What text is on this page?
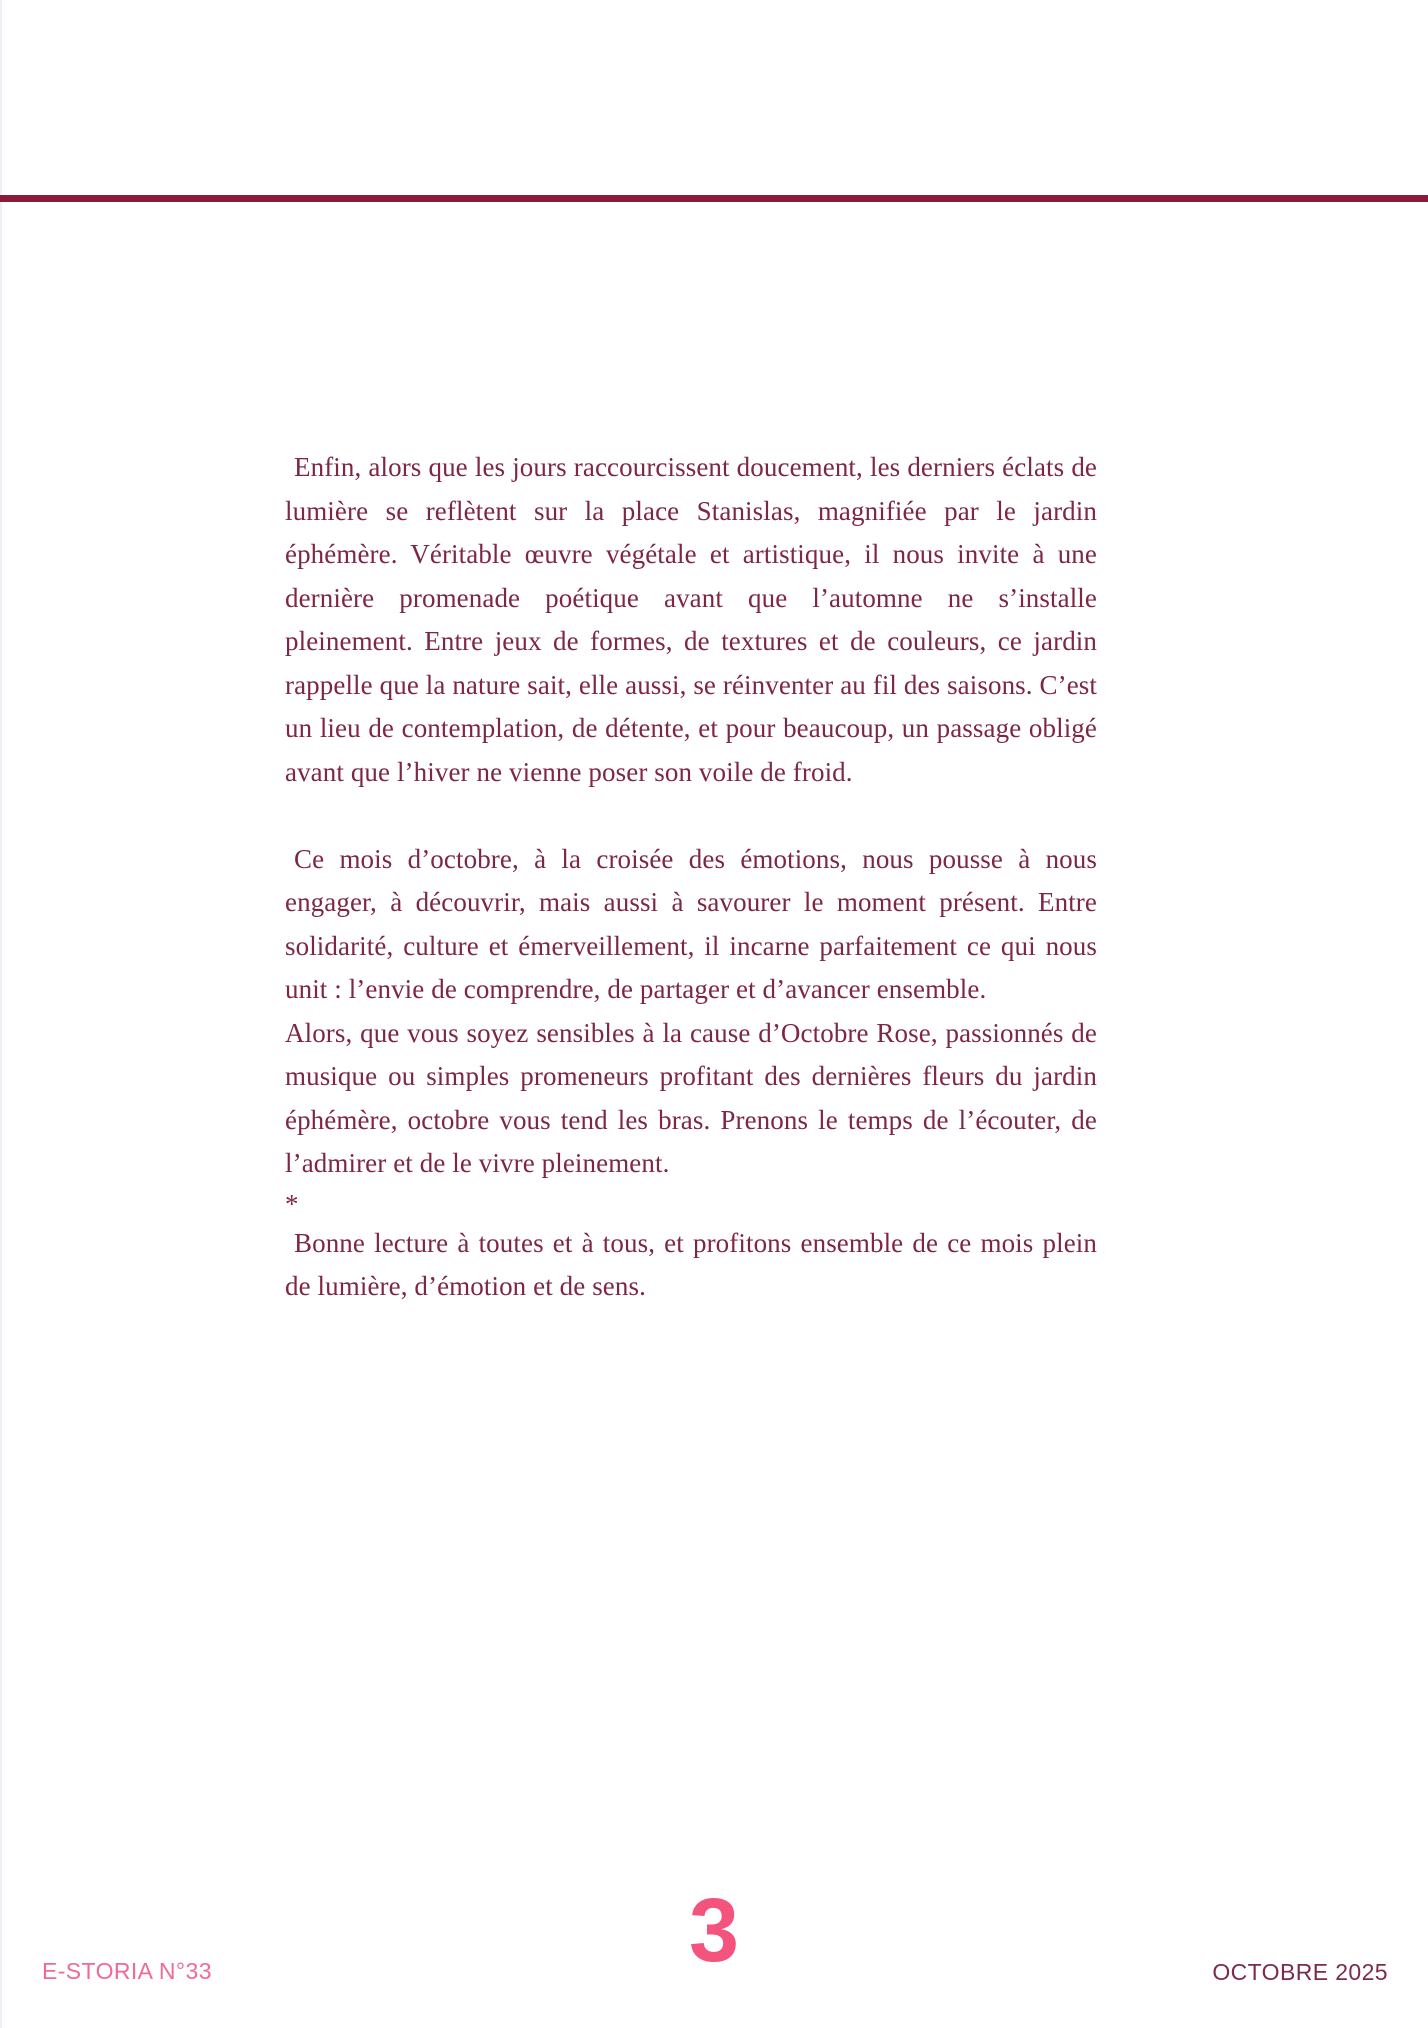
Enfin, alors que les jours raccourcissent doucement, les derniers éclats de lumière se reflètent sur la place Stanislas, magnifiée par le jardin éphémère. Véritable œuvre végétale et artistique, il nous invite à une dernière promenade poétique avant que l’automne ne s’installe pleinement. Entre jeux de formes, de textures et de couleurs, ce jardin rappelle que la nature sait, elle aussi, se réinventer au fil des saisons. C’est un lieu de contemplation, de détente, et pour beaucoup, un passage obligé avant que l’hiver ne vienne poser son voile de froid.

Ce mois d’octobre, à la croisée des émotions, nous pousse à nous engager, à découvrir, mais aussi à savourer le moment présent. Entre solidarité, culture et émerveillement, il incarne parfaitement ce qui nous unit : l’envie de comprendre, de partager et d’avancer ensemble.

Alors, que vous soyez sensibles à la cause d’Octobre Rose, passionnés de musique ou simples promeneurs profitant des dernières fleurs du jardin éphémère, octobre vous tend les bras. Prenons le temps de l’écouter, de l’admirer et de le vivre pleinement.

*

Bonne lecture à toutes et à tous, et profitons ensemble de ce mois plein de lumière, d’émotion et de sens.

E-STORIA N°33	3	OCTOBRE 2025
